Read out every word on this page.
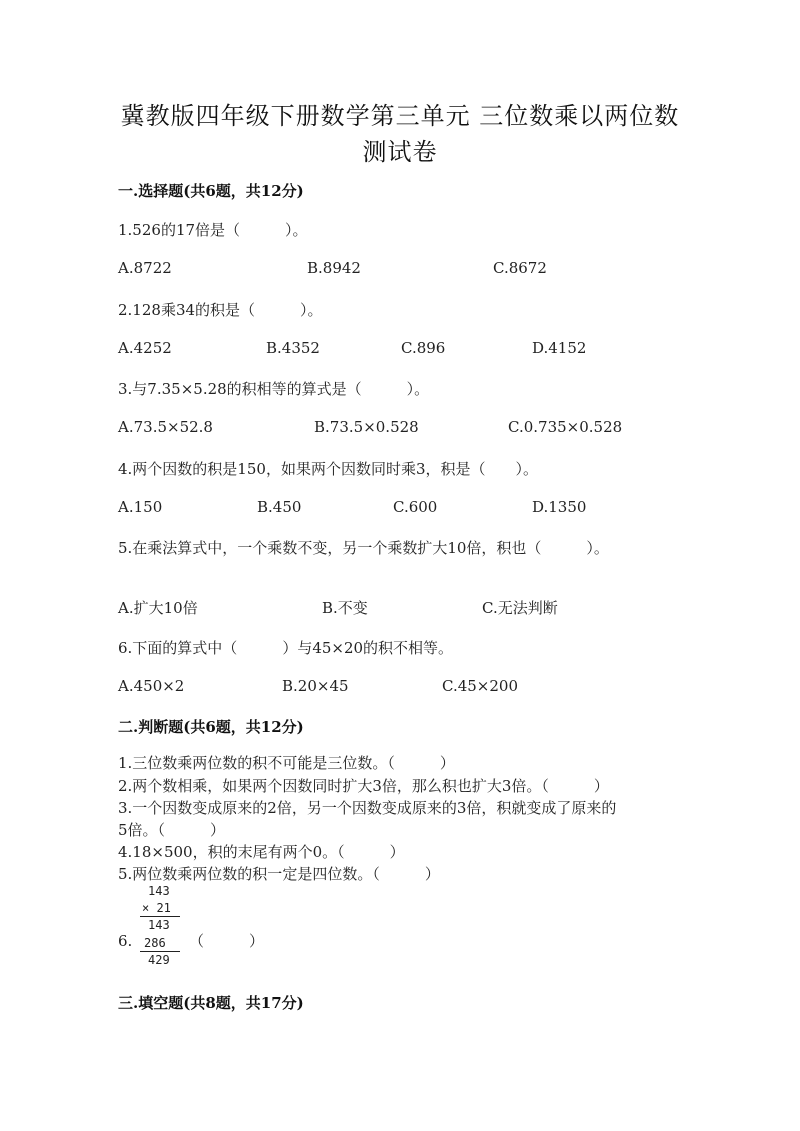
冀教版四年级下册数学第三单元 三位数乘以两位数
测试卷
一.选择题(共6题，共12分)
1.526的17倍是（　　　）。
A.8722	B.8942	C.8672
2.128乘34的积是（　　　）。
A.4252	B.4352	C.896	D.4152
3.与7.35×5.28的积相等的算式是（　　　）。
A.73.5×52.8	B.73.5×0.528	C.0.735×0.528
4.两个因数的积是150，如果两个因数同时乘3，积是（　　）。
A.150	B.450	C.600	D.1350
5.在乘法算式中，一个乘数不变，另一个乘数扩大10倍，积也（　　　）。
A.扩大10倍	B.不变	C.无法判断
6.下面的算式中（　　　）与45×20的积不相等。
A.450×2	B.20×45	C.45×200
二.判断题(共6题，共12分)
1.三位数乘两位数的积不可能是三位数。（　　　）
2.两个数相乘，如果两个因数同时扩大3倍，那么积也扩大3倍。（　　　）
3.一个因数变成原来的2倍，另一个因数变成原来的3倍，积就变成了原来的
5倍。（　　　）
4.18×500，积的末尾有两个0。（　　　）
5.两位数乘两位数的积一定是四位数。（　　　）
143
× 21
143
286
429
6.	（　　　）
三.填空题(共8题，共17分)
